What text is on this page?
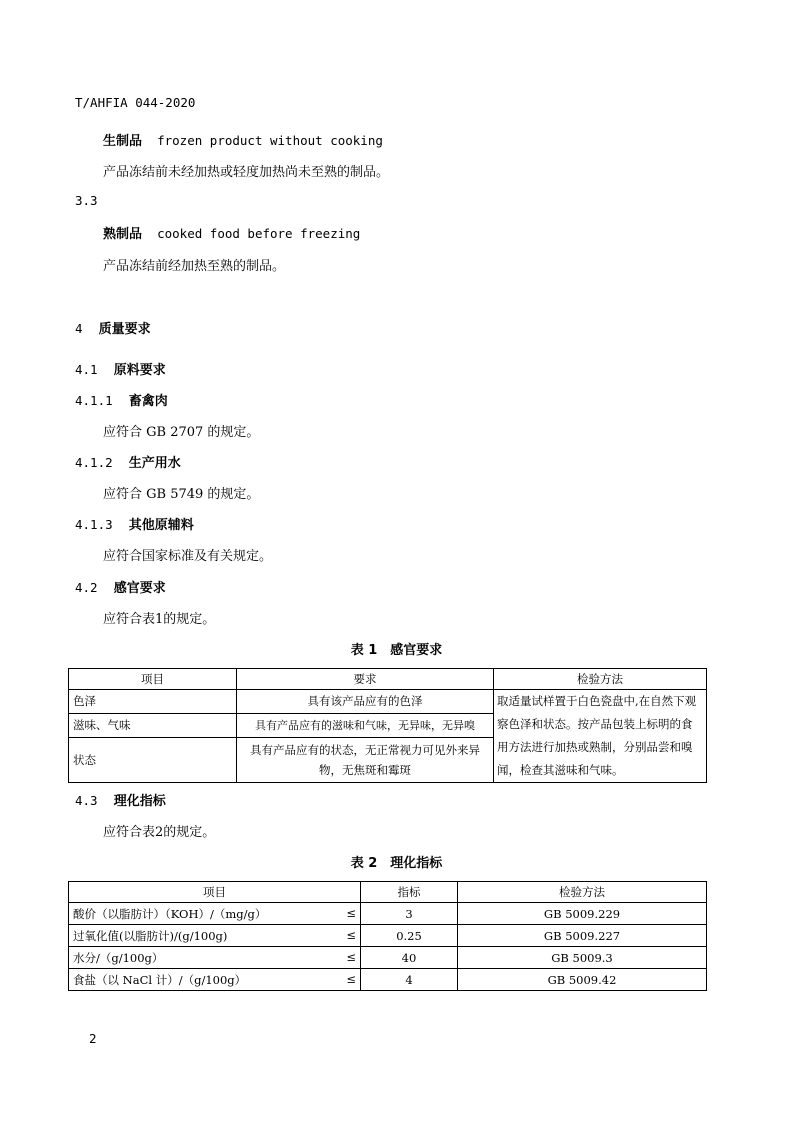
T/AHFIA 044-2020
生制品 frozen product without cooking
产品冻结前未经加热或轻度加热尚未至熟的制品。
3.3
熟制品 cooked food before freezing
产品冻结前经加热至熟的制品。
4 质量要求
4.1 原料要求
4.1.1 畜禽肉
应符合 GB 2707 的规定。
4.1.2 生产用水
应符合 GB 5749 的规定。
4.1.3 其他原辅料
应符合国家标准及有关规定。
4.2 感官要求
应符合表1的规定。
表 1　感官要求
项目	要求	检验方法
色泽	具有该产品应有的色泽	取适量试样置于白色瓷盘中,在自然下观察色泽和状态。按产品包装上标明的食用方法进行加热或熟制，分别品尝和嗅闻，检查其滋味和气味。
滋味、气味	具有产品应有的滋味和气味，无异味，无异嗅	
状态	具有产品应有的状态，无正常视力可见外来异物，无焦斑和霉斑	
4.3 理化指标
应符合表2的规定。
表 2　理化指标
项目	指标	检验方法
酸价（以脂肪计）（KOH）/（mg/g） ≤	3	GB 5009.229
过氧化值(以脂肪计)/(g/100g) ≤	0.25	GB 5009.227
水分/（g/100g） ≤	40	GB 5009.3
食盐（以 NaCl 计）/（g/100g） ≤	4	GB 5009.42
2
